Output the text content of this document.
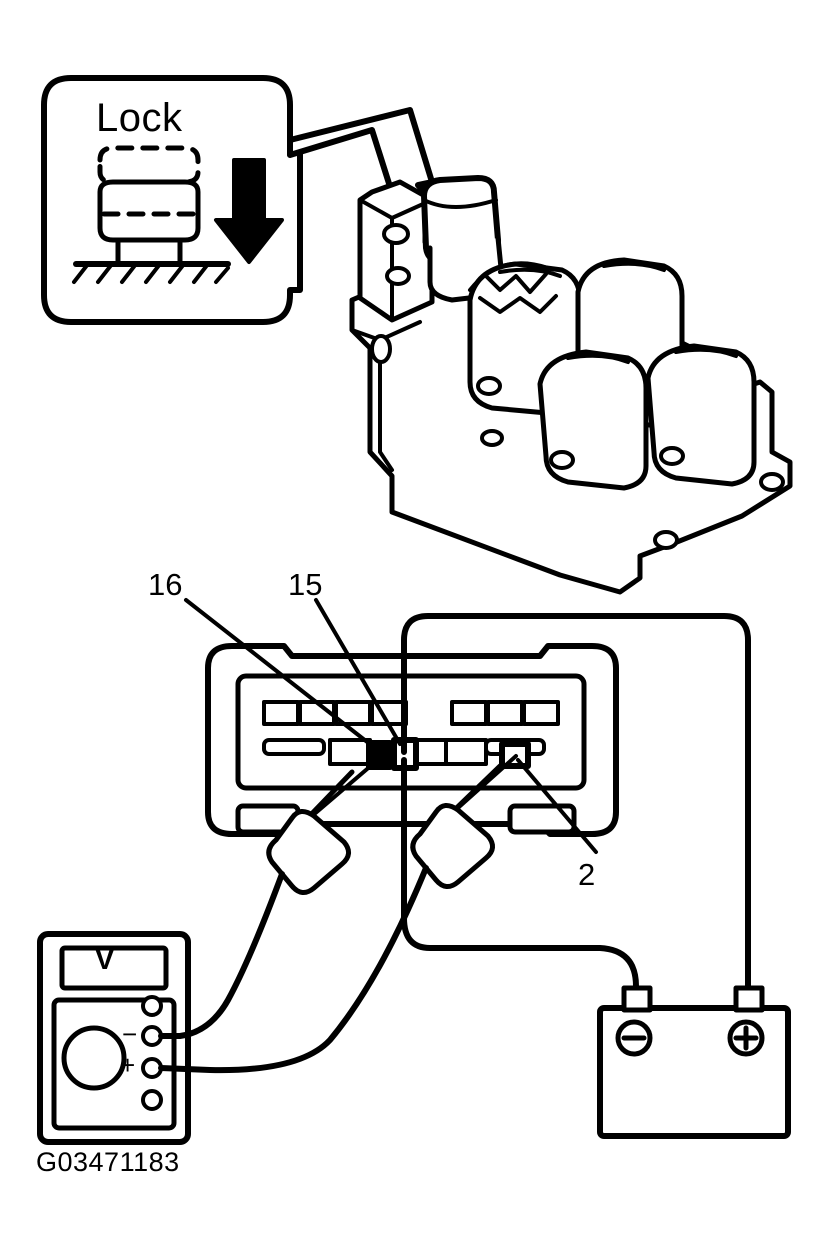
Lock
16	15
2
V
−
+
G03471183
